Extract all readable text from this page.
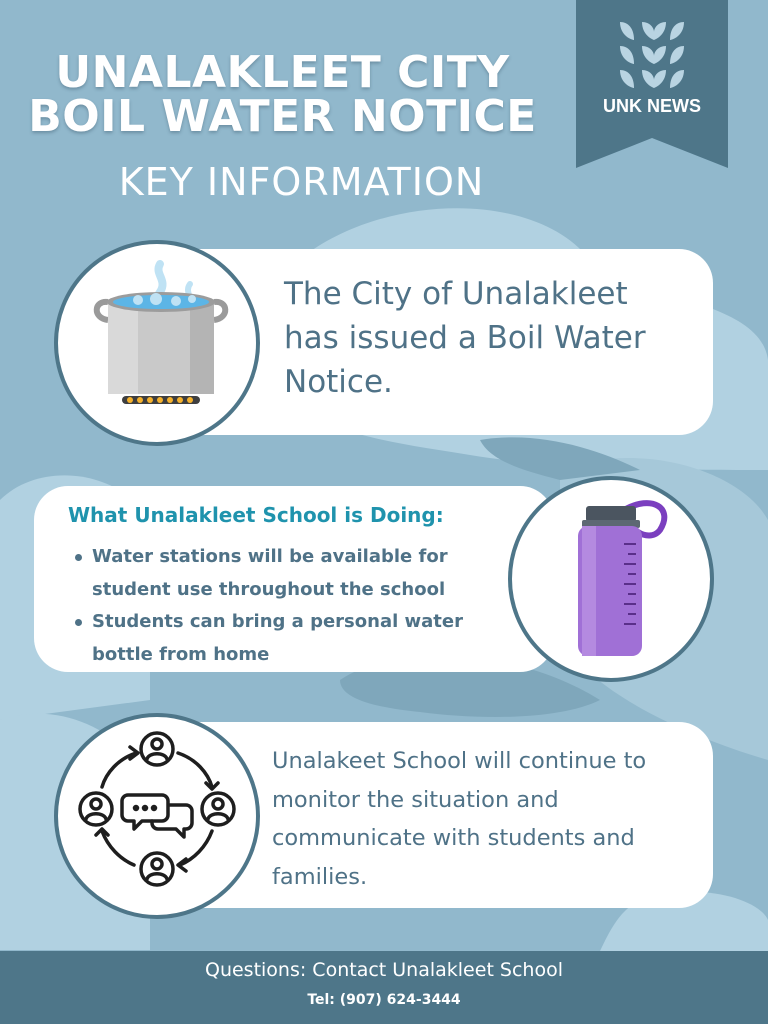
UNALAKLEET CITY
BOIL WATER NOTICE
KEY INFORMATION
UNK NEWS
The City of Unalakleet has issued a Boil Water Notice.
What Unalakleet School is Doing:
Water stations will be available for student use throughout the school
Students can bring a personal water bottle from home
Unalakeet School will continue to monitor the situation and communicate with students and families.
Questions: Contact Unalakleet School
Tel: (907) 624-3444
